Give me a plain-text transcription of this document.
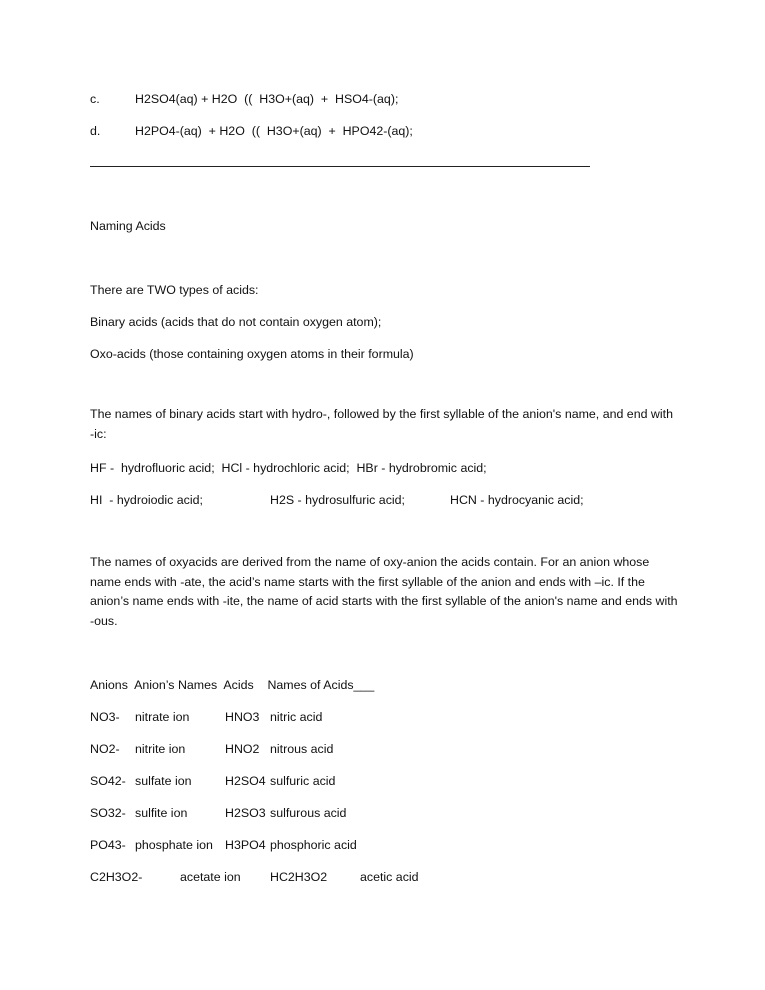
c.	H2SO4(aq) + H2O  ((  H3O+(aq)  +  HSO4-(aq);
d.	H2PO4-(aq)  + H2O  ((  H3O+(aq)  +  HPO42-(aq);
Naming Acids
There are TWO types of acids:
Binary acids (acids that do not contain oxygen atom);
Oxo-acids (those containing oxygen atoms in their formula)
The names of binary acids start with hydro-, followed by the first syllable of the anion's name, and end with -ic:
HF -  hydrofluoric acid;  HCl - hydrochloric acid;  HBr - hydrobromic acid;
HI  - hydroiodic acid;	H2S - hydrosulfuric acid;	HCN - hydrocyanic acid;
The names of oxyacids are derived from the name of oxy-anion the acids contain. For an anion whose name ends with -ate, the acid’s name starts with the first syllable of the anion and ends with –ic. If the anion’s name ends with -ite, the name of acid starts with the first syllable of the anion's name and ends with -ous.
Anions  Anion’s Names  Acids    Names of Acids___
NO3- nitrate ion	HNO3 nitric acid
NO2- nitrite ion	HNO2 nitrous acid
SO42- sulfate ion	H2SO4 sulfuric acid
SO32- sulfite ion	H2SO3 sulfurous acid
PO43- phosphate ion H3PO4 phosphoric acid
C2H3O2-	acetate ion HC2H3O2	acetic acid
